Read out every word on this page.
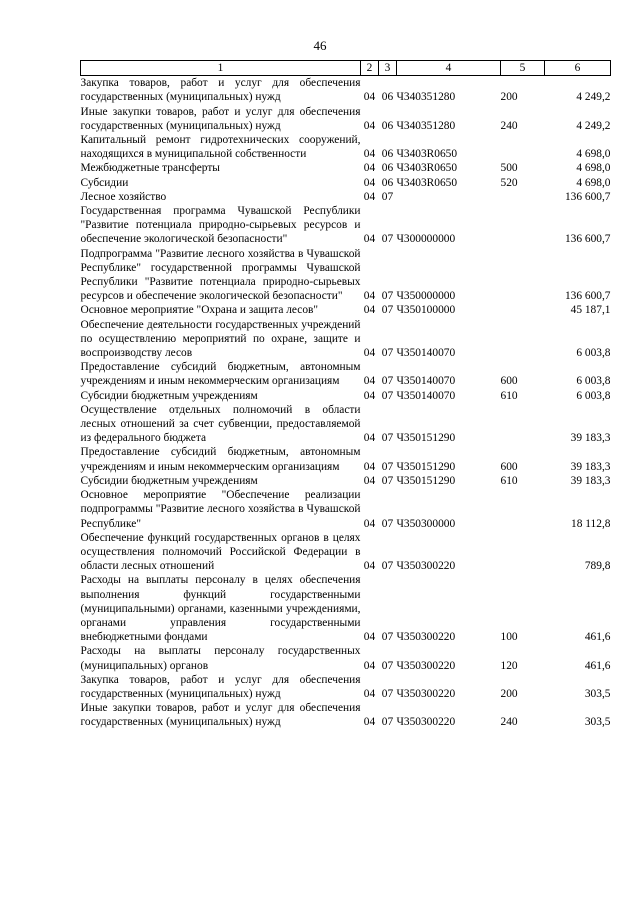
46
1	2	3	4	5	6
Закупка товаров, работ и услуг для обеспечения государственных (муниципальных) нужд	04	06	Ч340351280	200	4 249,2
Иные закупки товаров, работ и услуг для обеспечения государственных (муниципальных) нужд	04	06	Ч340351280	240	4 249,2
Капитальный ремонт гидротехнических сооружений, находящихся в муниципальной собственности	04	06	Ч3403R0650		4 698,0
Межбюджетные трансферты	04	06	Ч3403R0650	500	4 698,0
Субсидии	04	06	Ч3403R0650	520	4 698,0
Лесное хозяйство	04	07			136 600,7
Государственная программа Чувашской Республики "Развитие потенциала природно-сырьевых ресурсов и обеспечение экологической безопасности"	04	07	Ч300000000		136 600,7
Подпрограмма "Развитие лесного хозяйства в Чувашской Республике" государственной программы Чувашской Республики "Развитие потенциала природно-сырьевых ресурсов и обеспечение экологической безопасности"	04	07	Ч350000000		136 600,7
Основное мероприятие "Охрана и защита лесов"	04	07	Ч350100000		45 187,1
Обеспечение деятельности государственных учреждений по осуществлению мероприятий по охране, защите и воспроизводству лесов	04	07	Ч350140070		6 003,8
Предоставление субсидий бюджетным, автономным учреждениям и иным некоммерческим организациям	04	07	Ч350140070	600	6 003,8
Субсидии бюджетным учреждениям	04	07	Ч350140070	610	6 003,8
Осуществление отдельных полномочий в области лесных отношений за счет субвенции, предоставляемой из федерального бюджета	04	07	Ч350151290		39 183,3
Предоставление субсидий бюджетным, автономным учреждениям и иным некоммерческим организациям	04	07	Ч350151290	600	39 183,3
Субсидии бюджетным учреждениям	04	07	Ч350151290	610	39 183,3
Основное мероприятие "Обеспечение реализации подпрограммы "Развитие лесного хозяйства в Чувашской Республике"	04	07	Ч350300000		18 112,8
Обеспечение функций государственных органов в целях осуществления полномочий Российской Федерации в области лесных отношений	04	07	Ч350300220		789,8
Расходы на выплаты персоналу в целях обеспечения выполнения функций государственными (муниципальными) органами, казенными учреждениями, органами управления государственными внебюджетными фондами	04	07	Ч350300220	100	461,6
Расходы на выплаты персоналу государственных (муниципальных) органов	04	07	Ч350300220	120	461,6
Закупка товаров, работ и услуг для обеспечения государственных (муниципальных) нужд	04	07	Ч350300220	200	303,5
Иные закупки товаров, работ и услуг для обеспечения государственных (муниципальных) нужд	04	07	Ч350300220	240	303,5
